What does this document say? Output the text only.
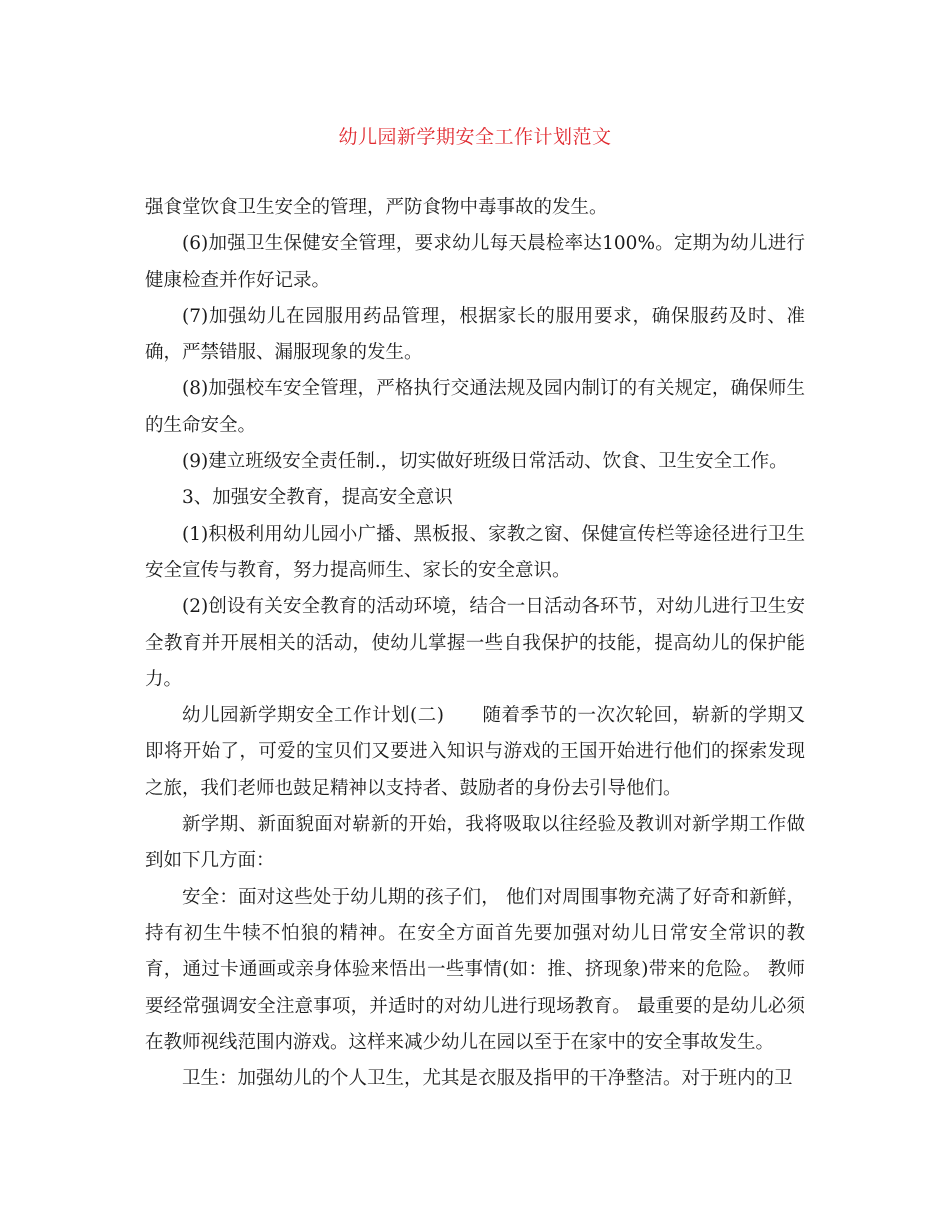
幼儿园新学期安全工作计划范文

强食堂饮食卫生安全的管理，严防食物中毒事故的发生。

(6)加强卫生保健安全管理，要求幼儿每天晨检率达100%。定期为幼儿进行健康检查并作好记录。

(7)加强幼儿在园服用药品管理，根据家长的服用要求，确保服药及时、准确，严禁错服、漏服现象的发生。

(8)加强校车安全管理，严格执行交通法规及园内制订的有关规定，确保师生的生命安全。

(9)建立班级安全责任制.，切实做好班级日常活动、饮食、卫生安全工作。

3、加强安全教育，提高安全意识

(1)积极利用幼儿园小广播、黑板报、家教之窗、保健宣传栏等途径进行卫生安全宣传与教育，努力提高师生、家长的安全意识。

(2)创设有关安全教育的活动环境，结合一日活动各环节，对幼儿进行卫生安全教育并开展相关的活动，使幼儿掌握一些自我保护的技能，提高幼儿的保护能力。

幼儿园新学期安全工作计划(二)　　随着季节的一次次轮回，崭新的学期又即将开始了，可爱的宝贝们又要进入知识与游戏的王国开始进行他们的探索发现之旅，我们老师也鼓足精神以支持者、鼓励者的身份去引导他们。

新学期、新面貌面对崭新的开始，我将吸取以往经验及教训对新学期工作做到如下几方面：

安全：面对这些处于幼儿期的孩子们， 他们对周围事物充满了好奇和新鲜，持有初生牛犊不怕狼的精神。在安全方面首先要加强对幼儿日常安全常识的教育，通过卡通画或亲身体验来悟出一些事情(如：推、挤现象)带来的危险。 教师要经常强调安全注意事项，并适时的对幼儿进行现场教育。 最重要的是幼儿必须在教师视线范围内游戏。这样来减少幼儿在园以至于在家中的安全事故发生。

卫生：加强幼儿的个人卫生，尤其是衣服及指甲的干净整洁。对于班内的卫
